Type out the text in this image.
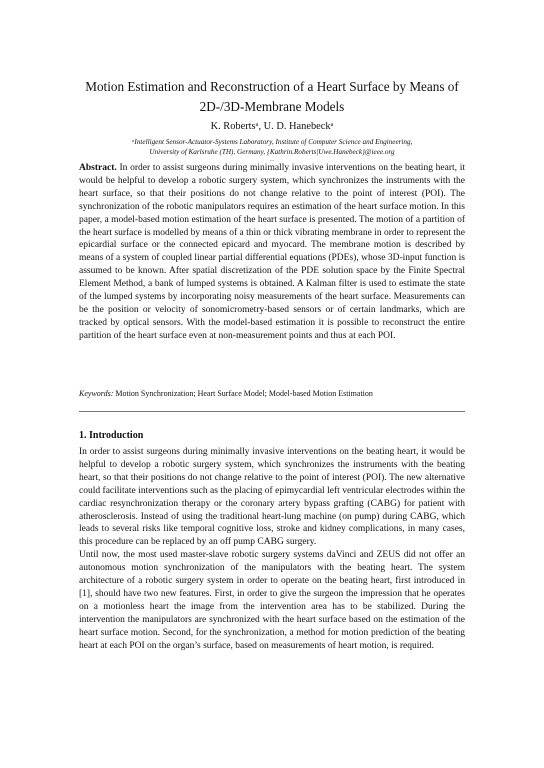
Motion Estimation and Reconstruction of a Heart Surface by Means of
2D-/3D-Membrane Models
K. Robertsᵃ, U. D. Hanebeckᵃ
ᵃIntelligent Sensor-Actuator-Systems Laboratory, Institute of Computer Science and Engineering,
University of Karlsruhe (TH), Germany, {Kathrin.Roberts|Uwe.Hanebeck}@ieee.org
...
Abstract. In order to assist surgeons during minimally invasive interventions on the beating heart, it would be helpful to develop a robotic surgery system, which synchronizes the instruments with the heart surface, so that their positions do not change relative to the point of interest (POI). The synchronization of the robotic manipulators requires an estimation of the heart surface motion. In this paper, a model-based motion estimation of the heart surface is presented. The motion of a partition of the heart surface is modelled by means of a thin or thick vibrating membrane in order to represent the epicardial surface or the connected epicard and myocard. The membrane motion is described by means of a system of coupled linear partial differential equations (PDEs), whose 3D-input function is assumed to be known. After spatial discretization of the PDE solution space by the Finite Spectral Element Method, a bank of lumped systems is obtained. A Kalman filter is used to estimate the state of the lumped systems by incorporating noisy measurements of the heart surface. Measurements can be the position or velocity of sonomicrometry-based sensors or of certain landmarks, which are tracked by optical sensors. With the model-based estimation it is possible to reconstruct the entire partition of the heart surface even at non-measurement points and thus at each POI.
Keywords: Motion Synchronization; Heart Surface Model; Model-based Motion Estimation
1. Introduction

In order to assist surgeons during minimally invasive interventions on the beating heart, it would be helpful to develop a robotic surgery system, which synchronizes the instruments with the beating heart, so that their positions do not change relative to the point of interest (POI). The new alternative could facilitate interventions such as the placing of epimycardial left ventricular electrodes within the cardiac resynchronization therapy or the coronary artery bypass grafting (CABG) for patient with atherosclerosis. Instead of using the traditional heart-lung machine (on pump) during CABG, which leads to several risks like temporal cognitive loss, stroke and kidney complications, in many cases, this procedure can be replaced by an off pump CABG surgery.

Until now, the most used master-slave robotic surgery systems daVinci and ZEUS did not offer an autonomous motion synchronization of the manipulators with the beating heart. The system architecture of a robotic surgery system in order to operate on the beating heart, first introduced in [1], should have two new features. First, in order to give the surgeon the impression that he operates on a motionless heart the image from the intervention area has to be stabilized. During the intervention the manipulators are synchronized with the heart surface based on the estimation of the heart surface motion. Second, for the synchronization, a method for motion prediction of the beating heart at each POI on the organ’s surface, based on measurements of heart motion, is required.
